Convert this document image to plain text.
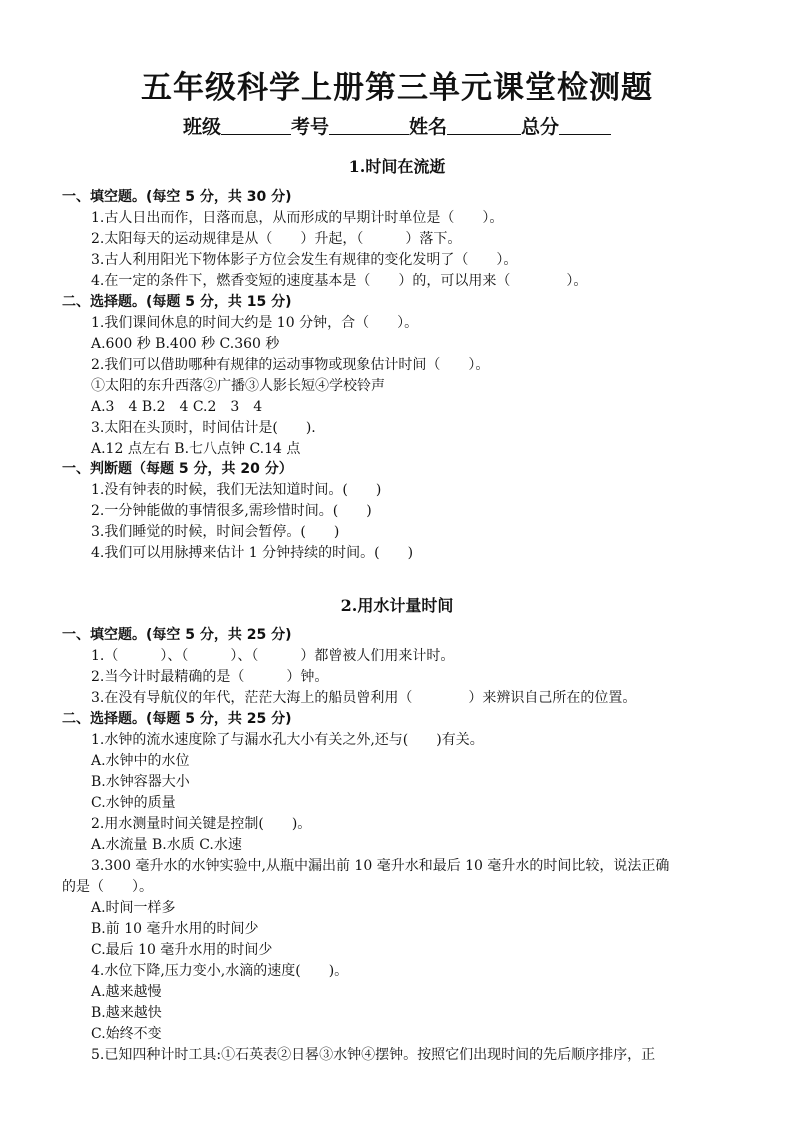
五年级科学上册第三单元课堂检测题
班级	考号	姓名	总分
1.时间在流逝
一、填空题。(每空 5 分，共 30 分)
1.古人日出而作，日落而息，从而形成的早期计时单位是（　　）。
2.太阳每天的运动规律是从（　　）升起，（　　　）落下。
3.古人利用阳光下物体影子方位会发生有规律的变化发明了（　　）。
4.在一定的条件下，燃香变短的速度基本是（　　）的，可以用来（　　　　）。
二、选择题。(每题 5 分，共 15 分)
1.我们课间休息的时间大约是 10 分钟，合（　　）。
A.600 秒 B.400 秒 C.360 秒
2.我们可以借助哪种有规律的运动事物或现象估计时间（　　）。
①太阳的东升西落②广播③人影长短④学校铃声
A.3　4 B.2　4 C.2　3　4
3.太阳在头顶时，时间估计是(　　).
A.12 点左右 B.七八点钟 C.14 点
一、判断题（每题 5 分，共 20 分）
1.没有钟表的时候，我们无法知道时间。(　　)
2.一分钟能做的事情很多,需珍惜时间。(　　)
3.我们睡觉的时候，时间会暂停。(　　)
4.我们可以用脉搏来估计 1 分钟持续的时间。(　　)
2.用水计量时间
一、填空题。(每空 5 分，共 25 分)
1.（　　　）、（　　　）、（　　　）都曾被人们用来计时。
2.当今计时最精确的是（　　　）钟。
3.在没有导航仪的年代，茫茫大海上的船员曾利用（　　　　）来辨识自己所在的位置。
二、选择题。(每题 5 分，共 25 分)
1.水钟的流水速度除了与漏水孔大小有关之外,还与(　　)有关。
A.水钟中的水位
B.水钟容器大小
C.水钟的质量
2.用水测量时间关键是控制(　　)。
A.水流量 B.水质 C.水速
3.300 毫升水的水钟实验中,从瓶中漏出前 10 毫升水和最后 10 毫升水的时间比较，说法正确
的是（　　）。
A.时间一样多
B.前 10 毫升水用的时间少
C.最后 10 毫升水用的时间少
4.水位下降,压力变小,水滴的速度(　　)。
A.越来越慢
B.越来越快
C.始终不变
5.已知四种计时工具:①石英表②日晷③水钟④摆钟。按照它们出现时间的先后顺序排序，正
